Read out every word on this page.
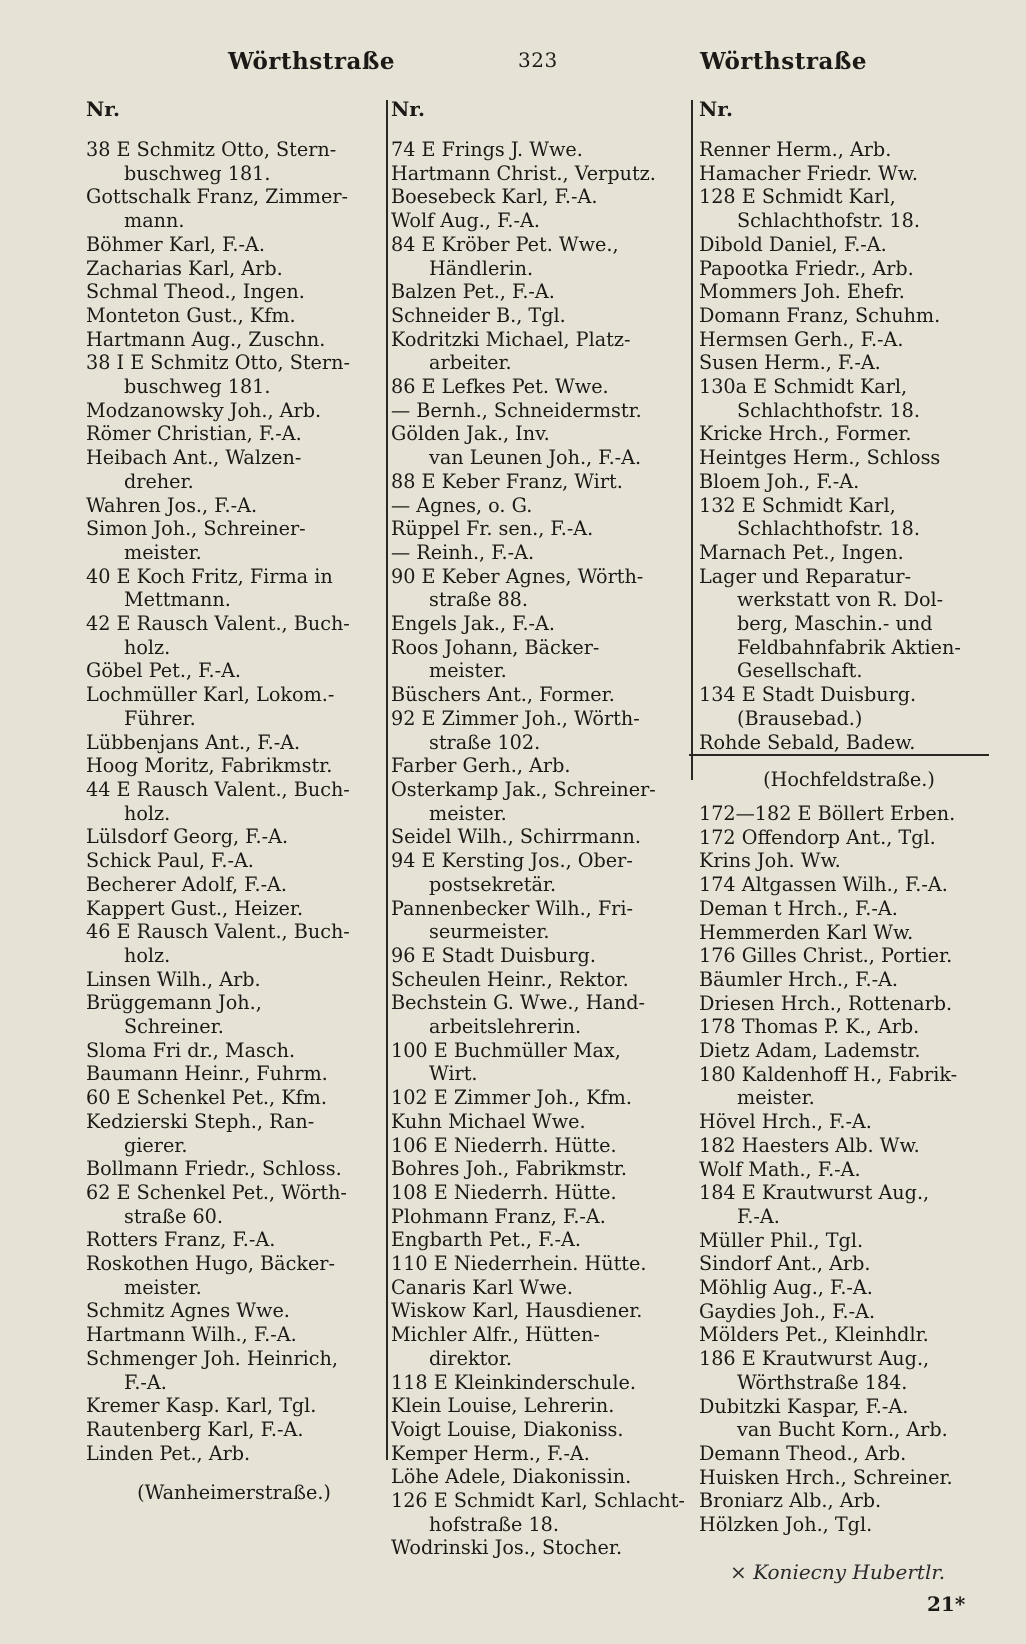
Wörthstraße	323	Wörthstraße
Nr.
38 E Schmitz Otto, Stern-
buschweg 181.
Gottschalk Franz, Zimmer-
mann.
Böhmer Karl, F.-A.
Zacharias Karl, Arb.
Schmal Theod., Ingen.
Monteton Gust., Kfm.
Hartmann Aug., Zuschn.
38 I E Schmitz Otto, Stern-
buschweg 181.
Modzanowsky Joh., Arb.
Römer Christian, F.-A.
Heibach Ant., Walzen-
dreher.
Wahren Jos., F.-A.
Simon Joh., Schreiner-
meister.
40 E Koch Fritz, Firma in
Mettmann.
42 E Rausch Valent., Buch-
holz.
Göbel Pet., F.-A.
Lochmüller Karl, Lokom.-
Führer.
Lübbenjans Ant., F.-A.
Hoog Moritz, Fabrikmstr.
44 E Rausch Valent., Buch-
holz.
Lülsdorf Georg, F.-A.
Schick Paul, F.-A.
Becherer Adolf, F.-A.
Kappert Gust., Heizer.
46 E Rausch Valent., Buch-
holz.
Linsen Wilh., Arb.
Brüggemann Joh.,
Schreiner.
Sloma Fri dr., Masch.
Baumann Heinr., Fuhrm.
60 E Schenkel Pet., Kfm.
Kedzierski Steph., Ran-
gierer.
Bollmann Friedr., Schloss.
62 E Schenkel Pet., Wörth-
straße 60.
Rotters Franz, F.-A.
Roskothen Hugo, Bäcker-
meister.
Schmitz Agnes Wwe.
Hartmann Wilh., F.-A.
Schmenger Joh. Heinrich,
F.-A.
Kremer Kasp. Karl, Tgl.
Rautenberg Karl, F.-A.
Linden Pet., Arb.
(Wanheimerstraße.)
Nr.
74 E Frings J. Wwe.
Hartmann Christ., Verputz.
Boesebeck Karl, F.-A.
Wolf Aug., F.-A.
84 E Kröber Pet. Wwe.,
Händlerin.
Balzen Pet., F.-A.
Schneider B., Tgl.
Kodritzki Michael, Platz-
arbeiter.
86 E Lefkes Pet. Wwe.
— Bernh., Schneidermstr.
Gölden Jak., Inv.
van Leunen Joh., F.-A.
88 E Keber Franz, Wirt.
— Agnes, o. G.
Rüppel Fr. sen., F.-A.
— Reinh., F.-A.
90 E Keber Agnes, Wörth-
straße 88.
Engels Jak., F.-A.
Roos Johann, Bäcker-
meister.
Büschers Ant., Former.
92 E Zimmer Joh., Wörth-
straße 102.
Farber Gerh., Arb.
Osterkamp Jak., Schreiner-
meister.
Seidel Wilh., Schirrmann.
94 E Kersting Jos., Ober-
postsekretär.
Pannenbecker Wilh., Fri-
seurmeister.
96 E Stadt Duisburg.
Scheulen Heinr., Rektor.
Bechstein G. Wwe., Hand-
arbeitslehrerin.
100 E Buchmüller Max,
Wirt.
102 E Zimmer Joh., Kfm.
Kuhn Michael Wwe.
106 E Niederrh. Hütte.
Bohres Joh., Fabrikmstr.
108 E Niederrh. Hütte.
Plohmann Franz, F.-A.
Engbarth Pet., F.-A.
110 E Niederrhein. Hütte.
Canaris Karl Wwe.
Wiskow Karl, Hausdiener.
Michler Alfr., Hütten-
direktor.
118 E Kleinkinderschule.
Klein Louise, Lehrerin.
Voigt Louise, Diakoniss.
Kemper Herm., F.-A.
Löhe Adele, Diakonissin.
126 E Schmidt Karl, Schlacht-
hofstraße 18.
Wodrinski Jos., Stocher.
Nr.
Renner Herm., Arb.
Hamacher Friedr. Ww.
128 E Schmidt Karl,
Schlachthofstr. 18.
Dibold Daniel, F.-A.
Papootka Friedr., Arb.
Mommers Joh. Ehefr.
Domann Franz, Schuhm.
Hermsen Gerh., F.-A.
Susen Herm., F.-A.
130a E Schmidt Karl,
Schlachthofstr. 18.
Kricke Hrch., Former.
Heintges Herm., Schloss
Bloem Joh., F.-A.
132 E Schmidt Karl,
Schlachthofstr. 18.
Marnach Pet., Ingen.
Lager und Reparatur-
werkstatt von R. Dol-
berg, Maschin.- und
Feldbahnfabrik Aktien-
Gesellschaft.
134 E Stadt Duisburg.
(Brausebad.)
Rohde Sebald, Badew.
(Hochfeldstraße.)
172—182 E Böllert Erben.
172 Offendorp Ant., Tgl.
Krins Joh. Ww.
174 Altgassen Wilh., F.-A.
Deman t Hrch., F.-A.
Hemmerden Karl Ww.
176 Gilles Christ., Portier.
Bäumler Hrch., F.-A.
Driesen Hrch., Rottenarb.
178 Thomas P. K., Arb.
Dietz Adam, Lademstr.
180 Kaldenhoff H., Fabrik-
meister.
Hövel Hrch., F.-A.
182 Haesters Alb. Ww.
Wolf Math., F.-A.
184 E Krautwurst Aug.,
F.-A.
Müller Phil., Tgl.
Sindorf Ant., Arb.
Möhlig Aug., F.-A.
Gaydies Joh., F.-A.
Mölders Pet., Kleinhdlr.
186 E Krautwurst Aug.,
Wörthstraße 184.
Dubitzki Kaspar, F.-A.
van Bucht Korn., Arb.
Demann Theod., Arb.
Huisken Hrch., Schreiner.
Broniarz Alb., Arb.
Hölzken Joh., Tgl.
× Koniecny Hubertlr.
21*
